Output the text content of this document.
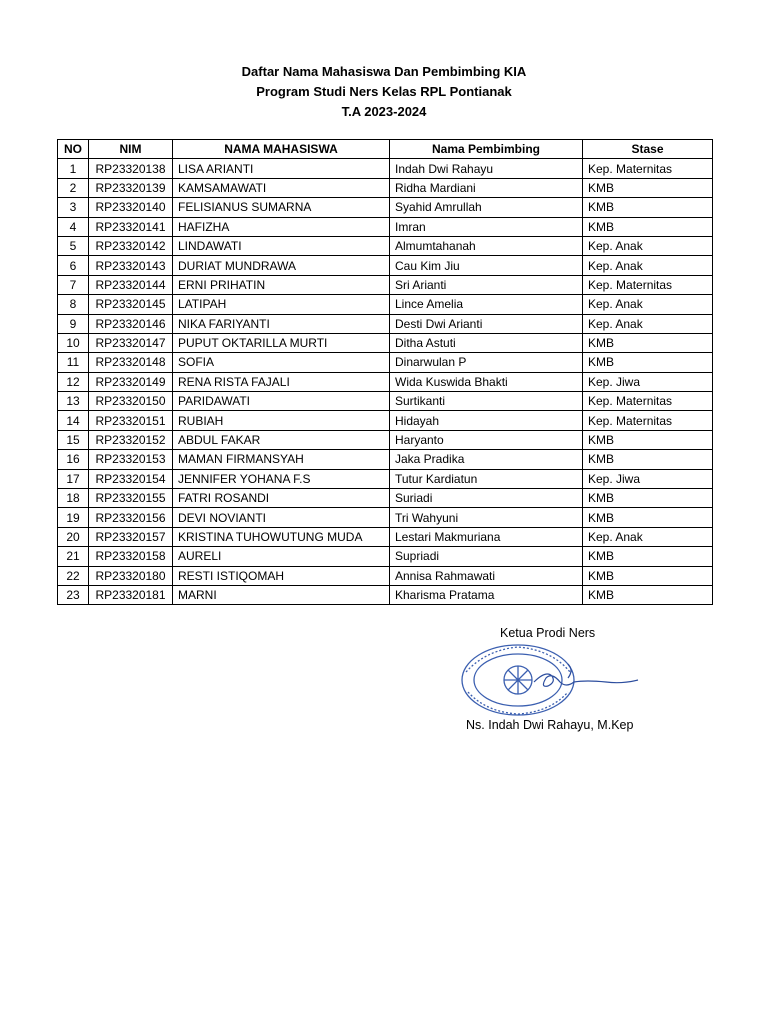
Daftar Nama Mahasiswa Dan Pembimbing KIA
Program Studi Ners Kelas RPL Pontianak
T.A 2023-2024
NO	NIM	NAMA MAHASISWA	Nama Pembimbing	Stase
1	RP23320138	LISA ARIANTI	Indah Dwi Rahayu	Kep. Maternitas
2	RP23320139	KAMSAMAWATI	Ridha Mardiani	KMB
3	RP23320140	FELISIANUS SUMARNA	Syahid Amrullah	KMB
4	RP23320141	HAFIZHA	Imran	KMB
5	RP23320142	LINDAWATI	Almumtahanah	Kep. Anak
6	RP23320143	DURIAT MUNDRAWA	Cau Kim Jiu	Kep. Anak
7	RP23320144	ERNI PRIHATIN	Sri Arianti	Kep. Maternitas
8	RP23320145	LATIPAH	Lince Amelia	Kep. Anak
9	RP23320146	NIKA FARIYANTI	Desti Dwi Arianti	Kep. Anak
10	RP23320147	PUPUT OKTARILLA MURTI	Ditha Astuti	KMB
11	RP23320148	SOFIA	Dinarwulan P	KMB
12	RP23320149	RENA RISTA FAJALI	Wida Kuswida Bhakti	Kep. Jiwa
13	RP23320150	PARIDAWATI	Surtikanti	Kep. Maternitas
14	RP23320151	RUBIAH	Hidayah	Kep. Maternitas
15	RP23320152	ABDUL FAKAR	Haryanto	KMB
16	RP23320153	MAMAN FIRMANSYAH	Jaka Pradika	KMB
17	RP23320154	JENNIFER YOHANA F.S	Tutur Kardiatun	Kep. Jiwa
18	RP23320155	FATRI ROSANDI	Suriadi	KMB
19	RP23320156	DEVI NOVIANTI	Tri Wahyuni	KMB
20	RP23320157	KRISTINA TUHOWUTUNG MUDA	Lestari Makmuriana	Kep. Anak
21	RP23320158	AURELI	Supriadi	KMB
22	RP23320180	RESTI ISTIQOMAH	Annisa Rahmawati	KMB
23	RP23320181	MARNI	Kharisma Pratama	KMB
Ketua Prodi Ners
Ns. Indah Dwi Rahayu, M.Kep
